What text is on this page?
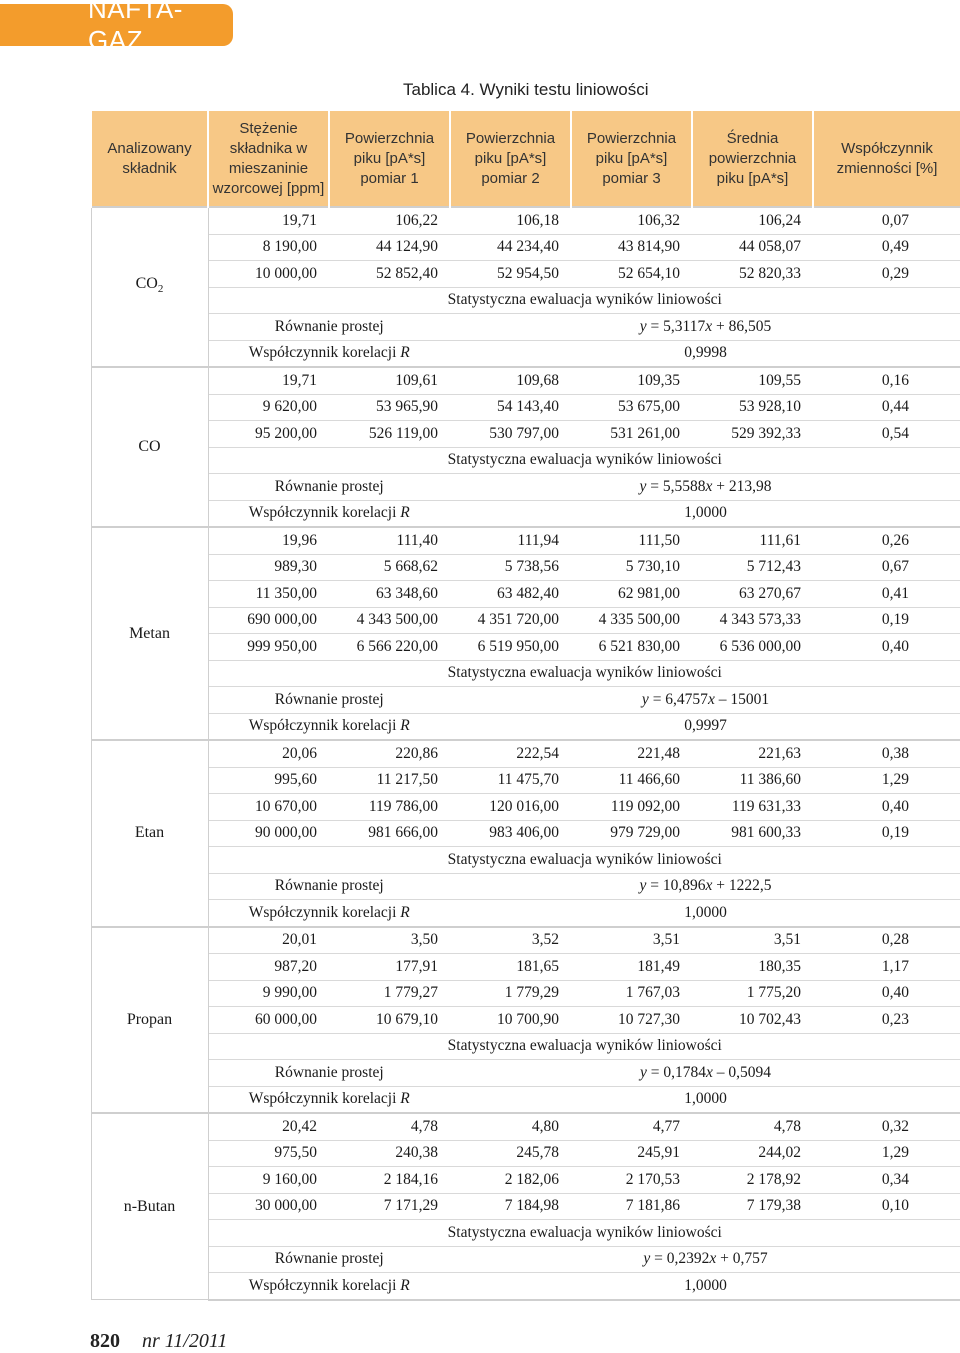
NAFTA-GAZ
Tablica 4. Wyniki testu liniowości
Analizowany składnik	Stężenie składnika w mieszaninie wzorcowej [ppm]	Powierzchnia piku [pA*s] pomiar 1	Powierzchnia piku [pA*s] pomiar 2	Powierzchnia piku [pA*s] pomiar 3	Średnia powierzchnia piku [pA*s]	Współczynnik zmienności [%]
$CO_2$	19,71	106,22	106,18	106,32	106,24	0,07
	8 190,00	44 124,90	44 234,40	43 814,90	44 058,07	0,49
	10 000,00	52 852,40	52 954,50	52 654,10	52 820,33	0,29
	Statystyczna ewaluacja wyników liniowości					
	Równanie prostej		y = 5,3117x + 86,505			
	Współczynnik korelacji R		0,9998			
CO	19,71	109,61	109,68	109,35	109,55	0,16
	9 620,00	53 965,90	54 143,40	53 675,00	53 928,10	0,44
	95 200,00	526 119,00	530 797,00	531 261,00	529 392,33	0,54
	Statystyczna ewaluacja wyników liniowości					
	Równanie prostej		y = 5,5588x + 213,98			
	Współczynnik korelacji R		1,0000			
Metan	19,96	111,40	111,94	111,50	111,61	0,26
	989,30	5 668,62	5 738,56	5 730,10	5 712,43	0,67
	11 350,00	63 348,60	63 482,40	62 981,00	63 270,67	0,41
	690 000,00	4 343 500,00	4 351 720,00	4 335 500,00	4 343 573,33	0,19
	999 950,00	6 566 220,00	6 519 950,00	6 521 830,00	6 536 000,00	0,40
	Statystyczna ewaluacja wyników liniowości					
	Równanie prostej		y = 6,4757x – 15001			
	Współczynnik korelacji R		0,9997			
Etan	20,06	220,86	222,54	221,48	221,63	0,38
	995,60	11 217,50	11 475,70	11 466,60	11 386,60	1,29
	10 670,00	119 786,00	120 016,00	119 092,00	119 631,33	0,40
	90 000,00	981 666,00	983 406,00	979 729,00	981 600,33	0,19
	Statystyczna ewaluacja wyników liniowości					
	Równanie prostej		y = 10,896x + 1222,5			
	Współczynnik korelacji R		1,0000			
Propan	20,01	3,50	3,52	3,51	3,51	0,28
	987,20	177,91	181,65	181,49	180,35	1,17
	9 990,00	1 779,27	1 779,29	1 767,03	1 775,20	0,40
	60 000,00	10 679,10	10 700,90	10 727,30	10 702,43	0,23
	Statystyczna ewaluacja wyników liniowości					
	Równanie prostej		y = 0,1784x – 0,5094			
	Współczynnik korelacji R		1,0000			
n-Butan	20,42	4,78	4,80	4,77	4,78	0,32
	975,50	240,38	245,78	245,91	244,02	1,29
	9 160,00	2 184,16	2 182,06	2 170,53	2 178,92	0,34
	30 000,00	7 171,29	7 184,98	7 181,86	7 179,38	0,10
	Statystyczna ewaluacja wyników liniowości					
	Równanie prostej		y = 0,2392x + 0,757			
	Współczynnik korelacji R		1,0000			
820 nr 11/2011
